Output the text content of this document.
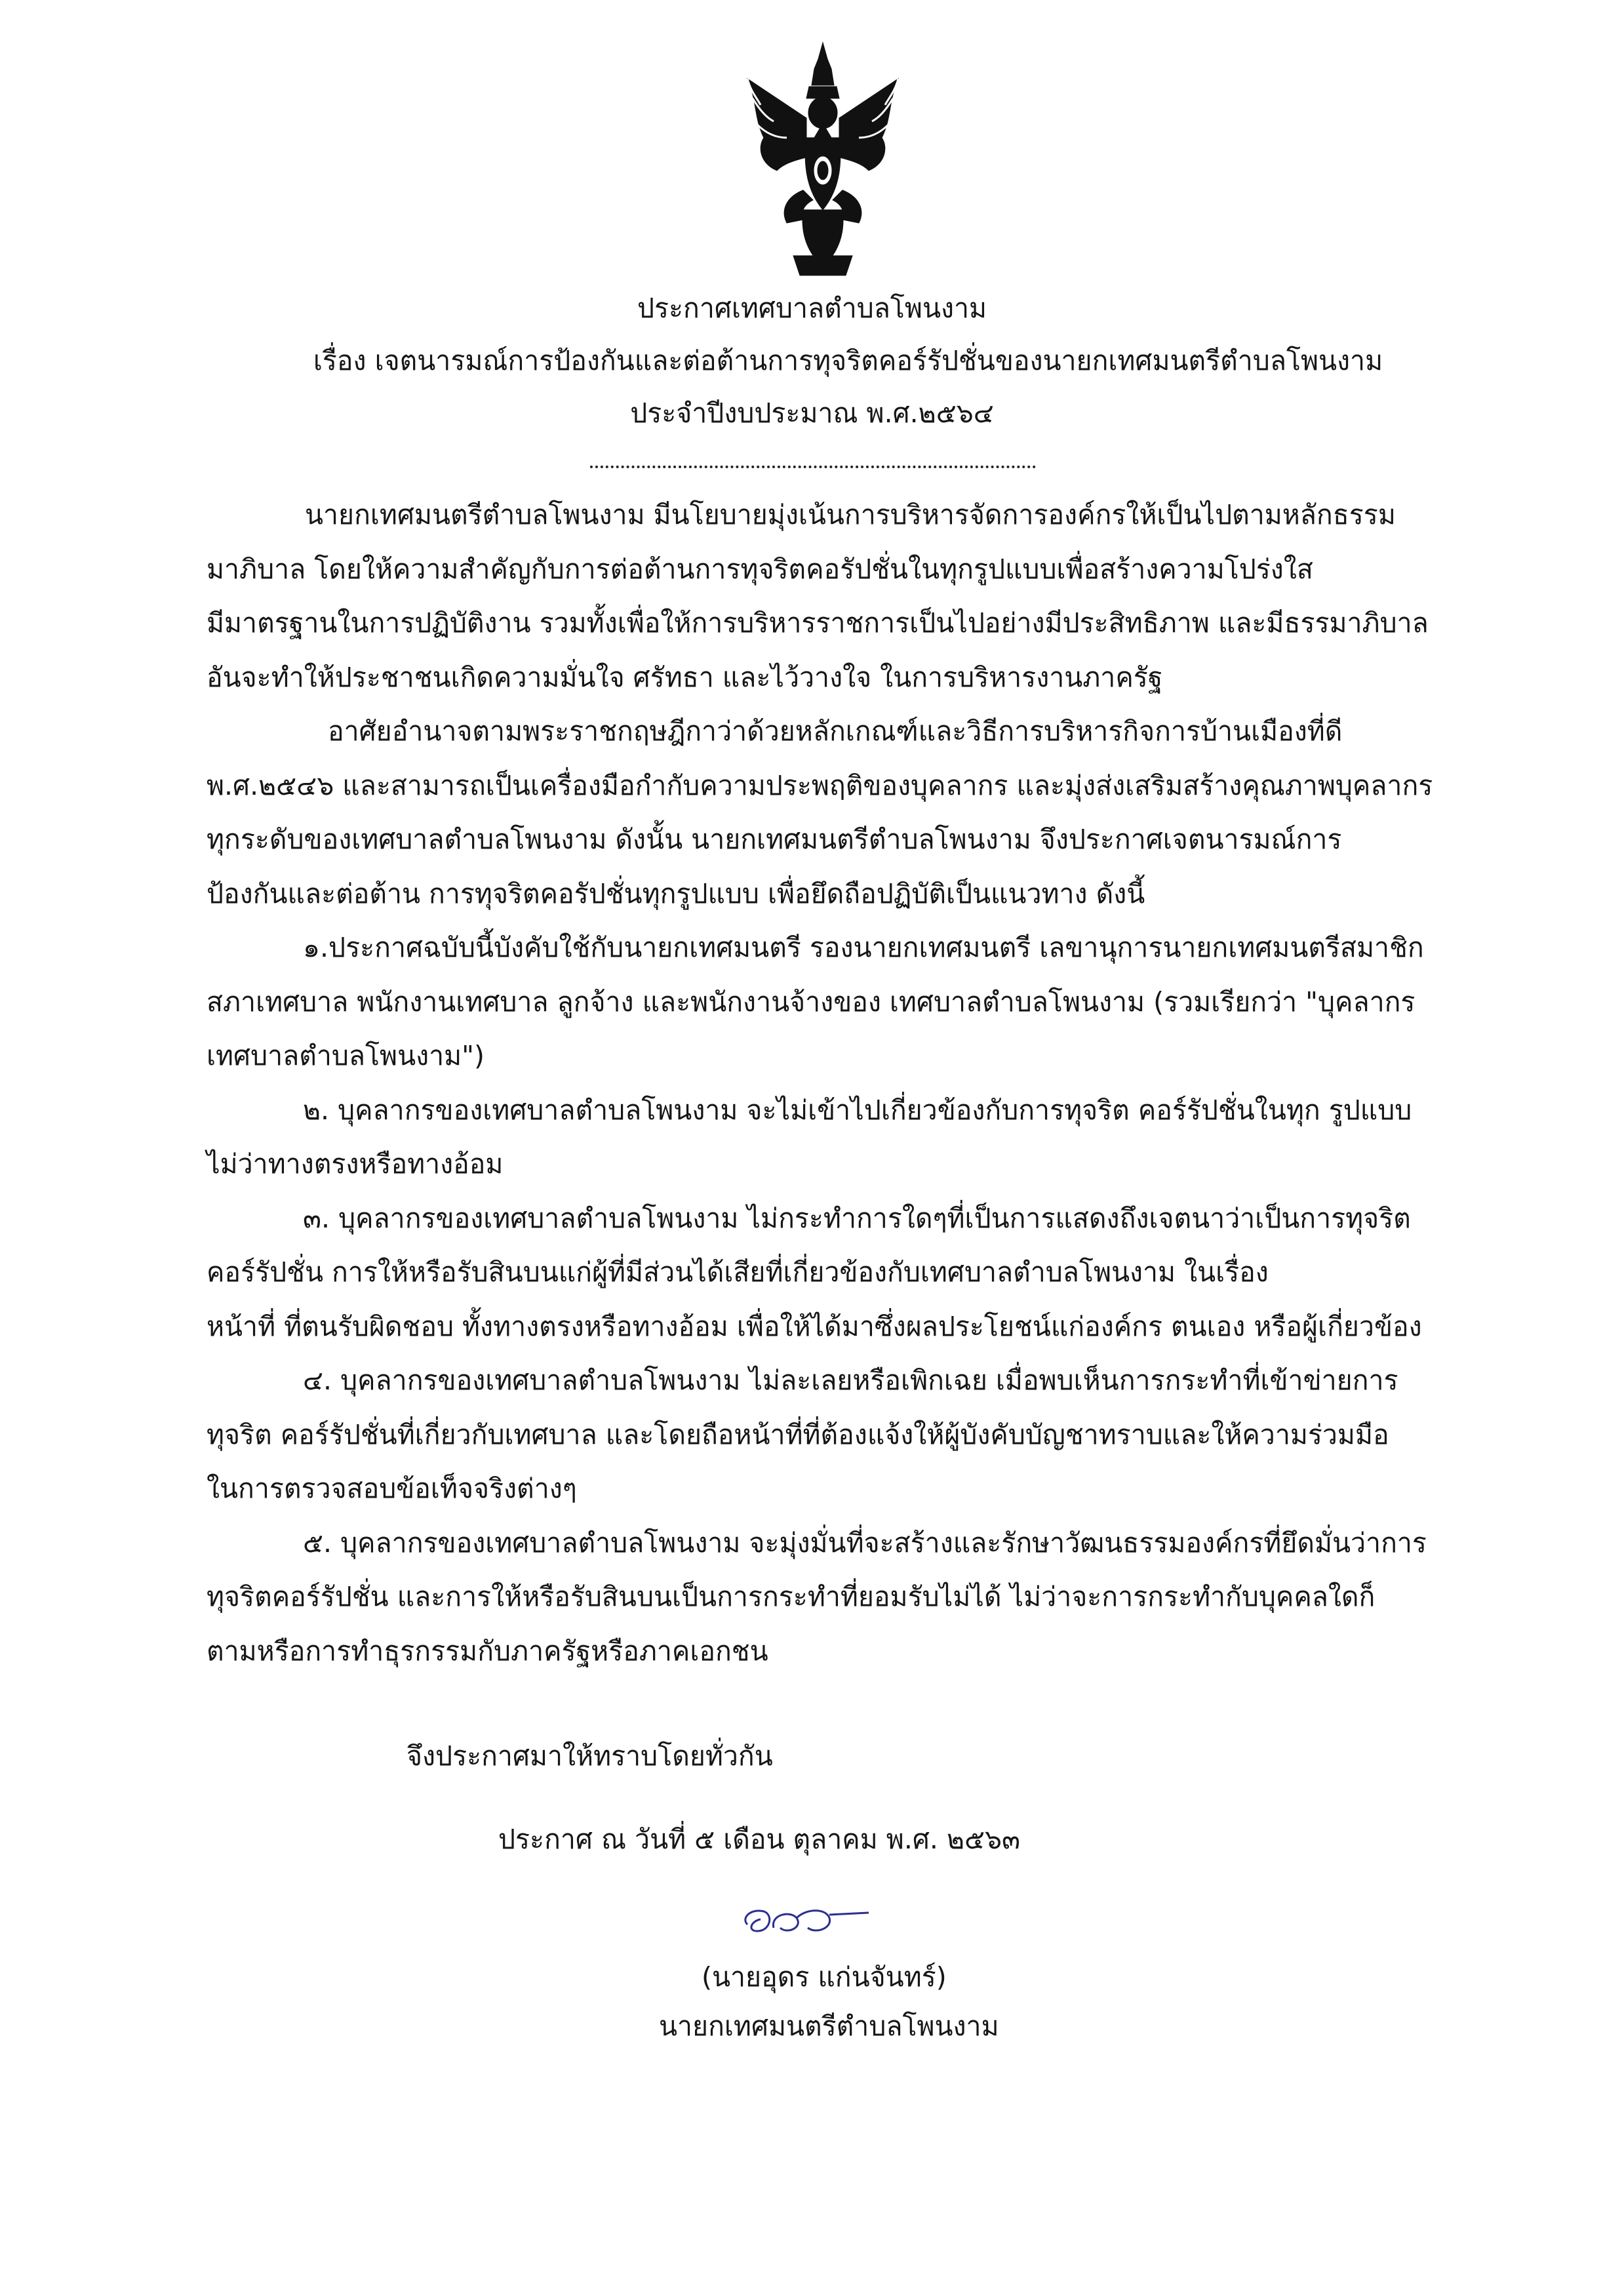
ประกาศเทศบาลตำบลโพนงาม
เรื่อง เจตนารมณ์การป้องกันและต่อต้านการทุจริตคอร์รัปชั่นของนายกเทศมนตรีตำบลโพนงาม
ประจำปีงบประมาณ พ.ศ.๒๕๖๔
นายกเทศมนตรีตำบลโพนงาม มีนโยบายมุ่งเน้นการบริหารจัดการองค์กรให้เป็นไปตามหลักธรรม
มาภิบาล โดยให้ความสำคัญกับการต่อต้านการทุจริตคอรัปชั่นในทุกรูปแบบเพื่อสร้างความโปร่งใส
มีมาตรฐานในการปฏิบัติงาน รวมทั้งเพื่อให้การบริหารราชการเป็นไปอย่างมีประสิทธิภาพ และมีธรรมาภิบาล
อันจะทำให้ประชาชนเกิดความมั่นใจ ศรัทธา และไว้วางใจ ในการบริหารงานภาครัฐ
อาศัยอำนาจตามพระราชกฤษฎีกาว่าด้วยหลักเกณฑ์และวิธีการบริหารกิจการบ้านเมืองที่ดี
พ.ศ.๒๕๔๖ และสามารถเป็นเครื่องมือกำกับความประพฤติของบุคลากร และมุ่งส่งเสริมสร้างคุณภาพบุคลากร
ทุกระดับของเทศบาลตำบลโพนงาม ดังนั้น นายกเทศมนตรีตำบลโพนงาม จึงประกาศเจตนารมณ์การ
ป้องกันและต่อต้าน การทุจริตคอรัปชั่นทุกรูปแบบ เพื่อยึดถือปฏิบัติเป็นแนวทาง ดังนี้
๑.ประกาศฉบับนี้บังคับใช้กับนายกเทศมนตรี รองนายกเทศมนตรี เลขานุการนายกเทศมนตรีสมาชิก
สภาเทศบาล พนักงานเทศบาล ลูกจ้าง และพนักงานจ้างของ เทศบาลตำบลโพนงาม (รวมเรียกว่า "บุคลากร
เทศบาลตำบลโพนงาม")
๒. บุคลากรของเทศบาลตำบลโพนงาม จะไม่เข้าไปเกี่ยวข้องกับการทุจริต คอร์รัปชั่นในทุก รูปแบบ
ไม่ว่าทางตรงหรือทางอ้อม
๓. บุคลากรของเทศบาลตำบลโพนงาม ไม่กระทำการใดๆที่เป็นการแสดงถึงเจตนาว่าเป็นการทุจริต
คอร์รัปชั่น การให้หรือรับสินบนแก่ผู้ที่มีส่วนได้เสียที่เกี่ยวข้องกับเทศบาลตำบลโพนงาม ในเรื่อง
หน้าที่ ที่ตนรับผิดชอบ ทั้งทางตรงหรือทางอ้อม เพื่อให้ได้มาซึ่งผลประโยชน์แก่องค์กร ตนเอง หรือผู้เกี่ยวข้อง
๔. บุคลากรของเทศบาลตำบลโพนงาม ไม่ละเลยหรือเพิกเฉย เมื่อพบเห็นการกระทำที่เข้าข่ายการ
ทุจริต คอร์รัปชั่นที่เกี่ยวกับเทศบาล และโดยถือหน้าที่ที่ต้องแจ้งให้ผู้บังคับบัญชาทราบและให้ความร่วมมือ
ในการตรวจสอบข้อเท็จจริงต่างๆ
๕. บุคลากรของเทศบาลตำบลโพนงาม จะมุ่งมั่นที่จะสร้างและรักษาวัฒนธรรมองค์กรที่ยึดมั่นว่าการ
ทุจริตคอร์รัปชั่น และการให้หรือรับสินบนเป็นการกระทำที่ยอมรับไม่ได้ ไม่ว่าจะการกระทำกับบุคคลใดก็
ตามหรือการทำธุรกรรมกับภาครัฐหรือภาคเอกชน
จึงประกาศมาให้ทราบโดยทั่วกัน
ประกาศ ณ วันที่ ๕ เดือน ตุลาคม พ.ศ. ๒๕๖๓
(นายอุดร แก่นจันทร์)
นายกเทศมนตรีตำบลโพนงาม
